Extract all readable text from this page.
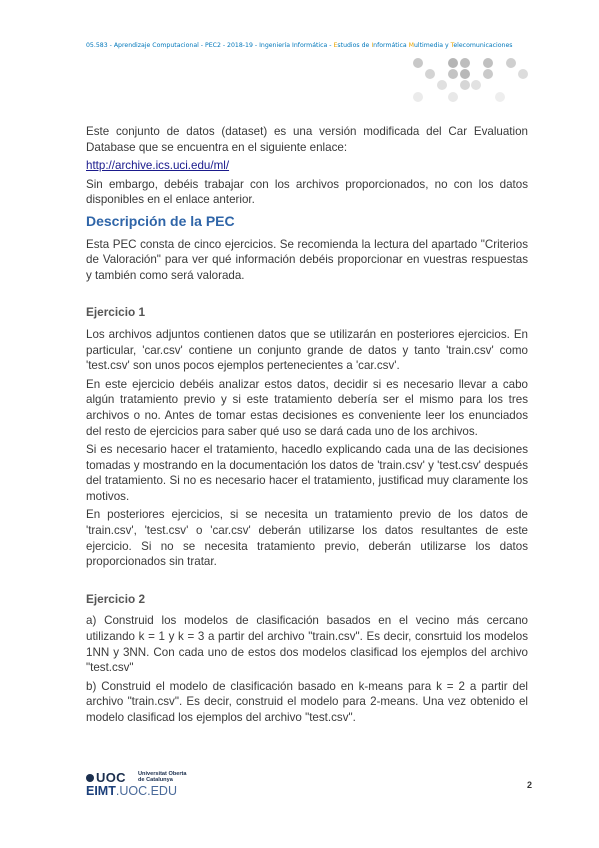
05.583 - Aprendizaje Computacional - PEC2 - 2018-19 - Ingeniería Informática - Estudios de Informática Multimedia y Telecomunicaciones

Este conjunto de datos (dataset) es una versión modificada del Car Evaluation Database que se encuentra en el siguiente enlace:

http://archive.ics.uci.edu/ml/

Sin embargo, debéis trabajar con los archivos proporcionados, no con los datos disponibles en el enlace anterior.

Descripción de la PEC

Esta PEC consta de cinco ejercicios. Se recomienda la lectura del apartado "Criterios de Valoración" para ver qué información debéis proporcionar en vuestras respuestas y también como será valorada.

Ejercicio 1

Los archivos adjuntos contienen datos que se utilizarán en posteriores ejercicios. En particular, 'car.csv' contiene un conjunto grande de datos y tanto 'train.csv' como 'test.csv' son unos pocos ejemplos pertenecientes a 'car.csv'.

En este ejercicio debéis analizar estos datos, decidir si es necesario llevar a cabo algún tratamiento previo y si este tratamiento debería ser el mismo para los tres archivos o no. Antes de tomar estas decisiones es conveniente leer los enunciados del resto de ejercicios para saber qué uso se dará cada uno de los archivos.

Si es necesario hacer el tratamiento, hacedlo explicando cada una de las decisiones tomadas y mostrando en la documentación los datos de 'train.csv' y 'test.csv' después del tratamiento. Si no es necesario hacer el tratamiento, justificad muy claramente los motivos.

En posteriores ejercicios, si se necesita un tratamiento previo de los datos de 'train.csv', 'test.csv' o 'car.csv' deberán utilizarse los datos resultantes de este ejercicio. Si no se necesita tratamiento previo, deberán utilizarse los datos proporcionados sin tratar.

Ejercicio 2

a) Construid los modelos de clasificación basados en el vecino más cercano utilizando k = 1 y k = 3 a partir del archivo "train.csv". Es decir, consrtuid los modelos 1NN y 3NN. Con cada uno de estos dos modelos clasificad los ejemplos del archivo "test.csv"

b) Construid el modelo de clasificación basado en k-means para k = 2 a partir del archivo "train.csv". Es decir, construid el modelo para 2-means. Una vez obtenido el modelo clasificad los ejemplos del archivo "test.csv".

UOC Universitat Oberta
de Catalunya
EIMT.UOC.EDU	2
